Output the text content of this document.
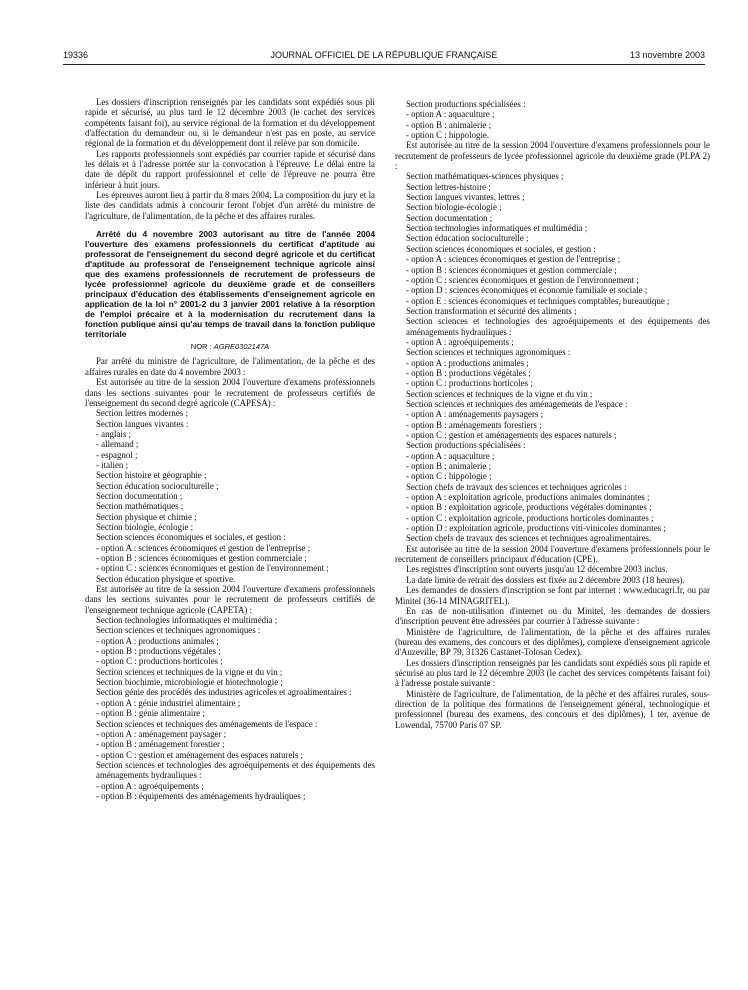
19336	JOURNAL OFFICIEL DE LA RÉPUBLIQUE FRANÇAISE	13 novembre 2003

Les dossiers d'inscription renseignés par les candidats sont expédiés sous pli rapide et sécurisé, au plus tard le 12 décembre 2003 (le cachet des services compétents faisant foi), au service régional de la formation et du développement d'affectation du demandeur ou, si le demandeur n'est pas en poste, au service régional de la formation et du développement dont il relève par son domicile.

Les rapports professionnels sont expédiés par courrier rapide et sécurisé dans les délais et à l'adresse portée sur la convocation à l'épreuve. Le délai entre la date de dépôt du rapport professionnel et celle de l'épreuve ne pourra être inférieur à huit jours.

Les épreuves auront lieu à partir du 8 mars 2004. La composition du jury et la liste des candidats admis à concourir feront l'objet d'un arrêté du ministre de l'agriculture, de l'alimentation, de la pêche et des affaires rurales.

Arrêté du 4 novembre 2003 autorisant au titre de l'année 2004 l'ouverture des examens professionnels du certificat d'aptitude au professorat de l'enseignement du second degré agricole et du certificat d'aptitude au professorat de l'enseignement technique agricole ainsi que des examens professionnels de recrutement de professeurs de lycée professionnel agricole du deuxième grade et de conseillers principaux d'éducation des établissements d'enseignement agricole en application de la loi n° 2001-2 du 3 janvier 2001 relative à la résorption de l'emploi précaire et à la modernisation du recrutement dans la fonction publique ainsi qu'au temps de travail dans la fonction publique territoriale

NOR : AGRE0302147A

Par arrêté du ministre de l'agriculture, de l'alimentation, de la pêche et des affaires rurales en date du 4 novembre 2003 :

Est autorisée au titre de la session 2004 l'ouverture d'examens professionnels dans les sections suivantes pour le recrutement de professeurs certifiés de l'enseignement du second degré agricole (CAPESA) :

Section lettres modernes ;

Section langues vivantes :

- anglais ;

- allemand ;

- espagnol ;

- italien ;

Section histoire et géographie ;

Section éducation socioculturelle ;

Section documentation ;

Section mathématiques ;

Section physique et chimie ;

Section biologie, écologie ;

Section sciences économiques et sociales, et gestion :

- option A : sciences économiques et gestion de l'entreprise ;

- option B : sciences économiques et gestion commerciale ;

- option C : sciences économiques et gestion de l'environnement ;

Section éducation physique et sportive.

Est autorisée au titre de la session 2004 l'ouverture d'examens professionnels dans les sections suivantes pour le recrutement de professeurs certifiés de l'enseignement technique agricole (CAPETA) :

Section technologies informatiques et multimédia ;

Section sciences et techniques agronomiques :

- option A : productions animales ;

- option B : productions végétales ;

- option C : productions horticoles ;

Section sciences et techniques de la vigne et du vin ;

Section biochimie, microbiologie et biotechnologie ;

Section génie des procédés des industries agricoles et agroalimentaires :

- option A : génie industriel alimentaire ;

- option B : génie alimentaire ;

Section sciences et techniques des aménagements de l'espace :

- option A : aménagement paysager ;

- option B : aménagement forestier ;

- option C : gestion et aménagement des espaces naturels ;

Section sciences et technologies des agroéquipements et des équipements des aménagements hydrauliques :

- option A : agroéquipements ;

- option B : équipements des aménagements hydrauliques ;

Section productions spécialisées :

- option A : aquaculture ;

- option B : animalerie ;

- option C : hippologie.

Est autorisée au titre de la session 2004 l'ouverture d'examens professionnels pour le recrutement de professeurs de lycée professionnel agricole du deuxième grade (PLPA 2) :

Section mathématiques-sciences physiques ;

Section lettres-histoire ;

Section langues vivantes, lettres ;

Section biologie-écologie ;

Section documentation ;

Section technologies informatiques et multimédia ;

Section éducation socioculturelle ;

Section sciences économiques et sociales, et gestion :

- option A : sciences économiques et gestion de l'entreprise ;

- option B : sciences économiques et gestion commerciale ;

- option C : sciences économiques et gestion de l'environnement ;

- option D : sciences économiques et économie familiale et sociale ;

- option E : sciences économiques et techniques comptables, bureautique ;

Section transformation et sécurité des aliments ;

Section sciences et technologies des agroéquipements et des équipements des aménagements hydrauliques :

- option A : agroéquipements ;

Section sciences et techniques agronomiques :

- option A : productions animales ;

- option B : productions végétales ;

- option C : productions horticoles ;

Section sciences et techniques de la vigne et du vin ;

Section sciences et techniques des aménagements de l'espace :

- option A : aménagements paysagers ;

- option B : aménagements forestiers ;

- option C : gestion et aménagements des espaces naturels ;

Section productions spécialisées :

- option A : aquaculture ;

- option B : animalerie ;

- option C : hippologie ;

Section chefs de travaux des sciences et techniques agricoles :

- option A : exploitation agricole, productions animales dominantes ;

- option B : exploitation agricole, productions végétales dominantes ;

- option C : exploitation agricole, productions horticoles dominantes ;

- option D : exploitation agricole, productions viti-vinicoles dominantes ;

Section chefs de travaux des sciences et techniques agroalimentaires.

Est autorisée au titre de la session 2004 l'ouverture d'examens professionnels pour le recrutement de conseillers principaux d'éducation (CPE).

Les registres d'inscription sont ouverts jusqu'au 12 décembre 2003 inclus.

La date limite de retrait des dossiers est fixée au 2 décembre 2003 (18 heures).

Les demandes de dossiers d'inscription se font par internet : www.educagri.fr, ou par Minitel (36-14 MINAGRITEL).

En cas de non-utilisation d'internet ou du Minitel, les demandes de dossiers d'inscription peuvent être adressées par courrier à l'adresse suivante :

Ministère de l'agriculture, de l'alimentation, de la pêche et des affaires rurales (bureau des examens, des concours et des diplômes), complexe d'enseignement agricole d'Auzeville, BP 79, 31326 Castanet-Tolosan Cedex).

Les dossiers d'inscription renseignés par les candidats sont expédiés sous pli rapide et sécurisé au plus tard le 12 décembre 2003 (le cachet des services compétents faisant foi) à l'adresse postale suivante :

Ministère de l'agriculture, de l'alimentation, de la pêche et des affaires rurales, sous-direction de la politique des formations de l'enseignement général, technologique et professionnel (bureau des examens, des concours et des diplômes), 1 ter, avenue de Lowendal, 75700 Paris 07 SP.
